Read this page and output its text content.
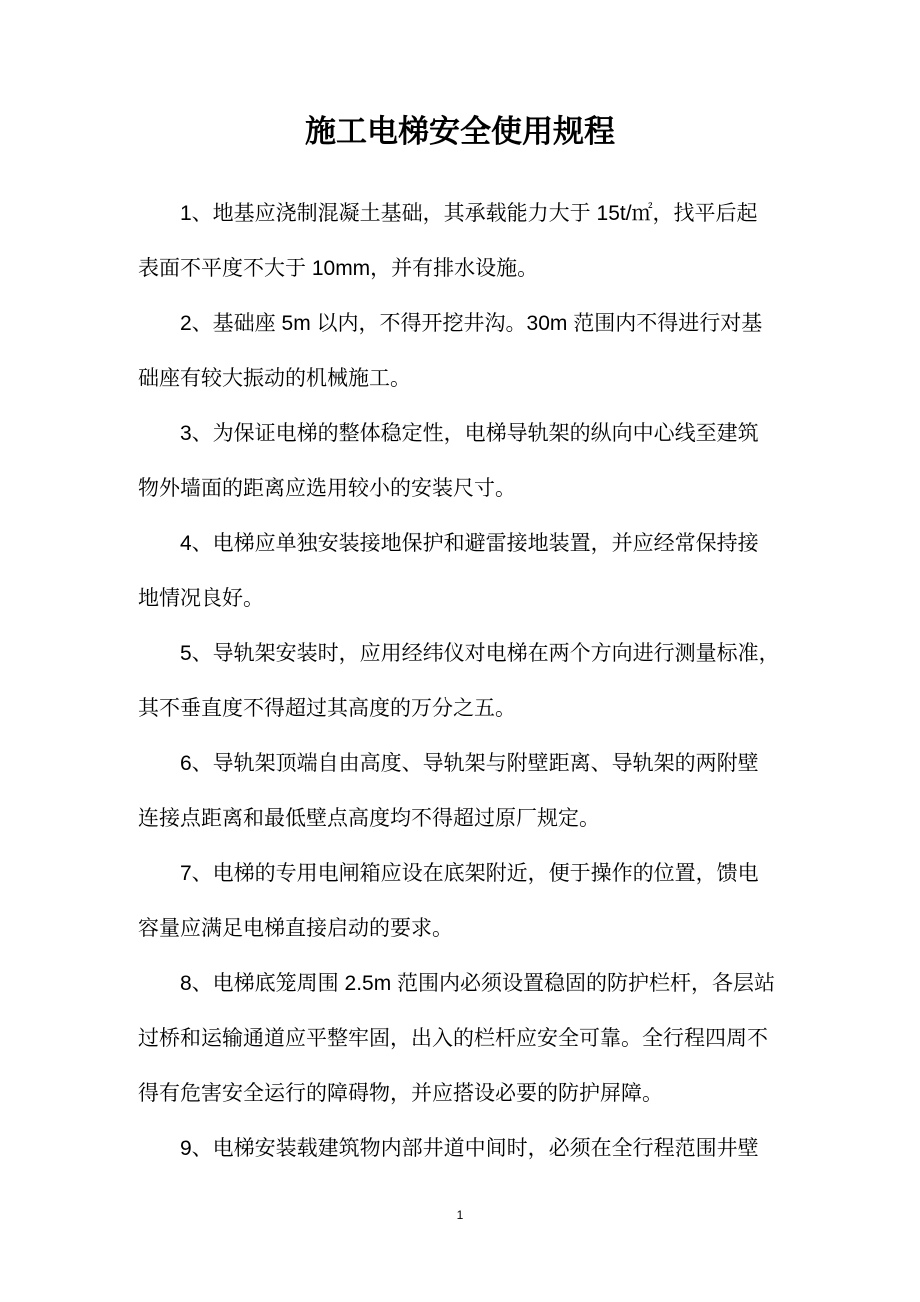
施工电梯安全使用规程
1、地基应浇制混凝土基础，其承载能力大于 15t/㎡，找平后起
表面不平度不大于 10mm，并有排水设施。
2、基础座 5m 以内，不得开挖井沟。30m 范围内不得进行对基
础座有较大振动的机械施工。
3、为保证电梯的整体稳定性，电梯导轨架的纵向中心线至建筑
物外墙面的距离应选用较小的安装尺寸。
4、电梯应单独安装接地保护和避雷接地装置，并应经常保持接
地情况良好。
5、导轨架安装时，应用经纬仪对电梯在两个方向进行测量标准，
其不垂直度不得超过其高度的万分之五。
6、导轨架顶端自由高度、导轨架与附壁距离、导轨架的两附壁
连接点距离和最低壁点高度均不得超过原厂规定。
7、电梯的专用电闸箱应设在底架附近，便于操作的位置，馈电
容量应满足电梯直接启动的要求。
8、电梯底笼周围 2.5m 范围内必须设置稳固的防护栏杆，各层站
过桥和运输通道应平整牢固，出入的栏杆应安全可靠。全行程四周不
得有危害安全运行的障碍物，并应搭设必要的防护屏障。
9、电梯安装载建筑物内部井道中间时，必须在全行程范围井壁
1
